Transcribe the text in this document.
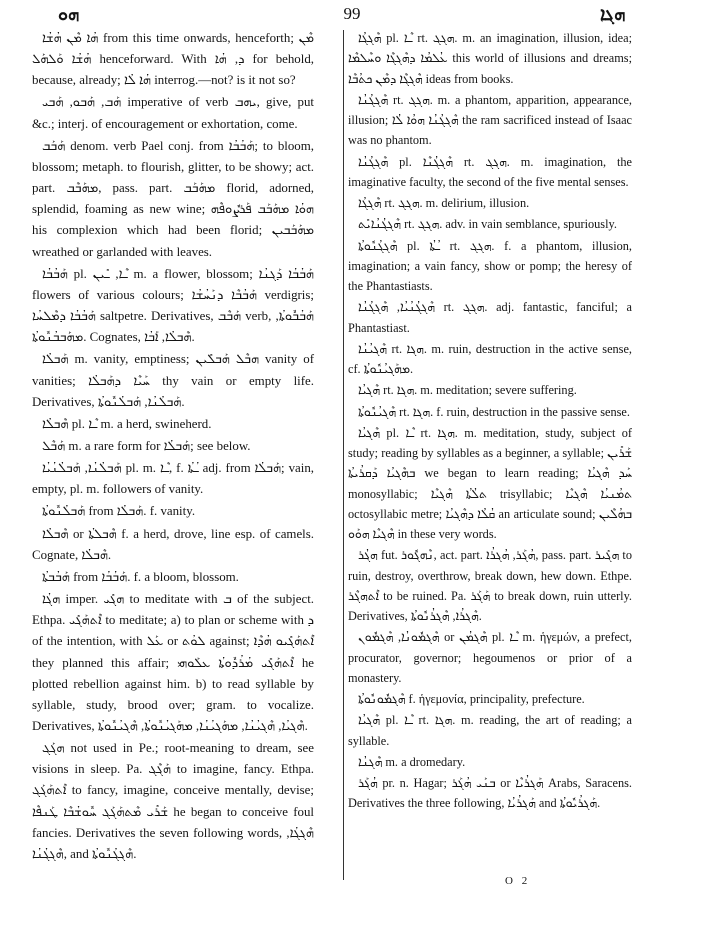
ܗܘ	99	ܗܓܐ

ܗܳܐ ܡܶܢ ܗܳܫܳܐ from this time onwards, henceforth; ܡܶܢ ܗܳܫܳܐ ܘܰܠܗܰܠ henceforward. With ܕ, ܗܳܐ for behold, because, already; ܗܳܐ ܠܳܐ interrog.—not? is it not so?

ܗܰܒ, ܗܰܒܘ, ܗܰܒܝ imperative of verb ܝܗܒ, give, put &c.; interj. of encouragement or exhortation, come.

ܗܰܒܰܒ denom. verb Pael conj. from ܗܰܒܳܒܳܐ; to bloom, blossom; metaph. to flourish, glitter, to be showy; act. part. ܡܗܰܒܶܒ, pass. part. ܡܗܰܒܰܒ florid, adorned, splendid, foaming as new wine; ܗܘܳܐ ܡܗܰܒܰܒ ܦܰܪܨܽܘܦܶܗ his complexion which had been florid; ܡܗܰܒܰܒܝܢ wreathed or garlanded with leaves.

ܗܰܒܳܒܳܐ pl. ـܶܐ, ـܺܝܢ m. a flower, blossom; ܗܰܒܳܒܳܐ ܕܰܓܢܳܐ flowers of various colours; ܗܰܒܳܒܶܐ ܕܢܰܚܳܫܳܐ verdigris; ܗܰܒܳܒܳܐ ܕܡܶܠܚܳܐ saltpetre. Derivatives, ܗܰܒܶܒ verb, ܗܰܒܳܒܽܘܬܳܐ, ܡܗܰܒܒܳܢܽܘܬܳܐ. Cognates, ܗܶܒܠܳܐ, ܐܰܒܳܐ.

ܗܰܒܠܳܐ m. vanity, emptiness; ܗܒܶܠ ܗܰܒܠܺܝܢ vanity of vanities; ܚܰܝܶܐ ܕܗܰܒܠܳܐ thy vain or empty life. Derivatives, ܗܰܒܠܳܢܳܐ, ܗܰܒܠܳܢܽܘܬܳܐ.

ܗܶܒܠܳܐ pl. ـܶܐ m. a herd, swineherd.

ܗܰܒܶܠ m. a rare form for ܗܰܒܠܳܐ; see below.

ܗܰܒܠܳܢܳܐ, ܗܰܒܠܳܢܳܝܳܐ pl. m. ـܶܐ, f. ـܳܬܳܐ adj. from ܗܰܒܠܳܐ; vain, empty, pl. m. followers of vanity.

ܗܰܒܠܳܢܽܘܬܳܐ from ܗܰܒܠܳܐ. f. vanity.

ܗܶܒܠܳܐ or ܗܶܒܠܬܳܐ f. a herd, drove, line esp. of camels. Cognate, ܗܶܒܠܳܐ.

ܗܰܒܳܒܬܳܐ from ܗܰܒܳܒܳܐ. f. a bloom, blossom.

ܗܓܳܐ imper. ܗܓܺܝ to meditate with ܒ of the subject. Ethpa. ܐܶܬܗܰܓܺܝ to meditate; a) to plan or scheme with ܕ of the intention, with ܥܰܠ or ܠܘܳܬ against; ܐܶܬܗܰܓܺܝܘ ܗܳܕܶܐ they planned this affair; ܐܶܬܗܰܓܺܝ ܡܳܪܳܕܽܘܬܳܐ ܥܠܰܘܗܝ he plotted rebellion against him. b) to read syllable by syllable, study, brood over; gram. to vocalize. Derivatives, ܗܶܓܝܳܐ, ܗܶܓܝܳܢܳܐ, ܡܗܰܓܝܳܢܳܐ, ܡܗܰܓܝܳܢܽܘܬܳܐ, ܗܶܓܝܳܢܽܘܬܳܐ.

ܗܓܰܓ not used in Pe.; root-meaning to dream, see visions in sleep. Pa. ܗܰܓܶܓ to imagine, fancy. Ethpa. ܐܶܬܗܰܓܰܓ to fancy, imagine, conceive mentally, devise; ܫܰܪܺܝ ܡܶܬܗܰܓܰܓ ܚܽܘܫܳܒܶܐ ܛܰܢܦܶܐ he began to conceive foul fancies. Derivatives the seven following words, ܗܶܓܓܳܐ, ܗܶܓܓܳܢܳܐ, and ܗܶܓܓܳܢܽܘܬܳܐ.

ܗܶܓܓܳܐ pl. ـܶܐ rt. ܗܓܓ. m. an imagination, illusion, idea; ܥܳܠܡܳܐ ܕܗܶܓܓܶܐ ܘܚܶܠܡܶܐ this world of illusions and dreams; ܗܶܓܓܶܐ ܕܡܶܢ ܟܬܳܒܶܐ ideas from books.

ܗܶܓܓܳܢܳܐ rt. ܗܓܓ. m. a phantom, apparition, appearance, illusion; ܗܶܓܓܳܢܳܐ ܗܘܳܐ ܠܳܐ the ram sacrificed instead of Isaac was no phantom.

ܗܶܓܓܳܢܳܐ pl. ܗܶܓܓܳܢܶܐ rt. ܗܓܓ. m. imagination, the imaginative faculty, the second of the five mental senses.

ܗܶܓܓܳܐ rt. ܗܓܓ. m. delirium, illusion.

ܗܶܓܓܳܢܳܐܝܺܬ rt. ܗܓܓ. adv. in vain semblance, spuriously.

ܗܶܓܓܳܢܽܘܬܳܐ pl. ـܳܬܳܐ rt. ܗܓܓ. f. a phantom, illusion, imagination; a vain fancy, show or pomp; the heresy of the Phantastiasts.

ܗܶܓܓܳܢܳܝܳܐ, ܗܶܓܓܳܢܳܐ rt. ܗܓܓ. adj. fantastic, fanciful; a Phantastiast.

ܗܶܓܝܳܢܳܐ rt. ܗܓܐ. m. ruin, destruction in the active sense, cf. ܡܗܰܓܝܳܢܽܘܬܳܐ.

ܗܶܓܝܳܐ rt. ܗܓܐ. m. meditation; severe suffering.

ܗܶܓܝܳܢܽܘܬܳܐ rt. ܗܓܐ. f. ruin, destruction in the passive sense.

ܗܶܓܝܳܐ pl. ـܶܐ rt. ܗܓܐ. m. meditation, study, subject of study; reading by syllables as a beginner, a syllable; ܫܰܪܺܝܢ ܒܗܶܓܝܳܐ ܕܰܩܪܳܝܬܳܐ we began to learn reading; ܚܰܕ ܗܶܓܝܳܐ monosyllabic; ܬܠܳܬܳܐ ܗܶܓܝܶܐ trisyllabic; ܬܡܳܢܝܳܐ ܗܶܓܝܶܐ octosyllabic metre; ܩܳܠܳܐ ܕܗܶܓܝܳܐ an articulate sound; ܒܗܳܠܶܝܢ ܗܶܓܝܶܐ ܗܘܰܘ in these very words.

ܗܓܳܪ fut. ܢܶܗܓܽܘܪ, act. part. ܗܳܓܰܪ, ܗܳܓܪܳܐ, pass. part. ܗܓܺܝܪ to ruin, destroy, overthrow, break down, hew down. Ethpe. ܐܶܬܗܓܶܪ to be ruined. Pa. ܗܰܓܰܪ to break down, ruin utterly. Derivatives, ܗܶܓܪܳܐ, ܗܶܓܪܳܢܽܘܬܳܐ.

ܗܶܓܡܽܘܢܳܐ, ܗܶܓܡܽܘܢ or ܗܶܓܡܳܢ pl. ـܶܐ m. ἡγεμών, a prefect, procurator, governor; hegoumenos or prior of a monastery.

ܗܶܓܡܽܘܢܽܘܬܳܐ f. ἡγεμονία, principality, prefecture.

ܗܶܓܝܳܐ pl. ـܶܐ rt. ܗܓܐ. m. reading, the art of reading; a syllable.

ܗܶܓܢܳܐ m. a dromedary.

ܗܳܓܰܪ pr. n. Hagar; ܒܢܰܝ ܗܳܓܰܪ or ܗܰܓܪܳܝܶܐ Arabs, Saracens. Derivatives the three following, ܗܰܓܪܳܝܳܐ and ܗܰܓܪܳܝܽܘܬܳܐ.

O 2
